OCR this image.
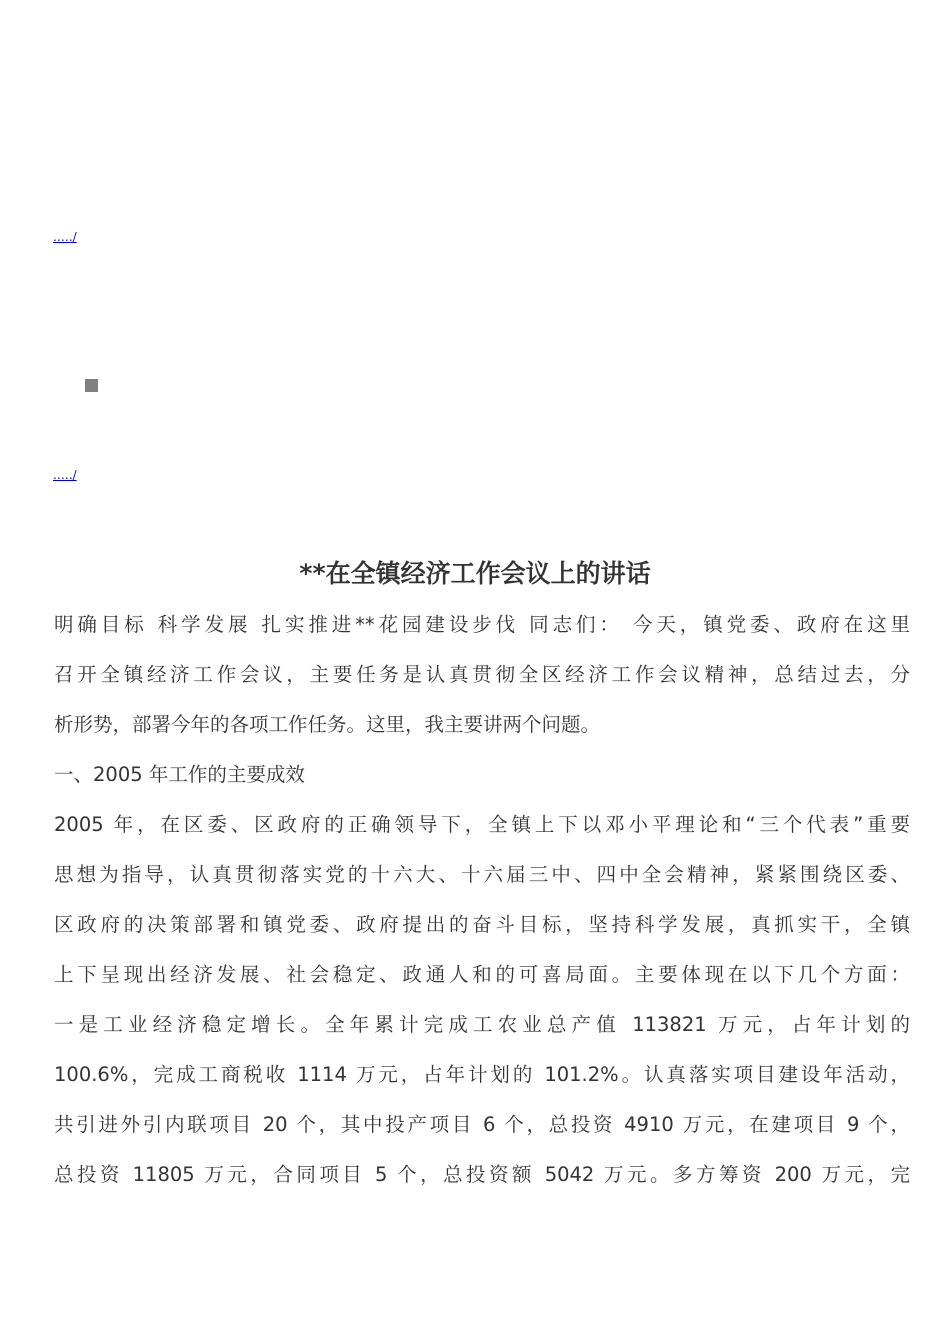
.…./
.…./
**在全镇经济工作会议上的讲话
明确目标 科学发展 扎实推进**花园建设步伐 同志们： 今天，镇党委、政府在这里
召开全镇经济工作会议，主要任务是认真贯彻全区经济工作会议精神，总结过去，分
析形势，部署今年的各项工作任务。这里，我主要讲两个问题。
一、2005 年工作的主要成效
2005 年，在区委、区政府的正确领导下，全镇上下以邓小平理论和“三个代表”重要
思想为指导，认真贯彻落实党的十六大、十六届三中、四中全会精神，紧紧围绕区委、
区政府的决策部署和镇党委、政府提出的奋斗目标，坚持科学发展，真抓实干，全镇
上下呈现出经济发展、社会稳定、政通人和的可喜局面。主要体现在以下几个方面：
一是工业经济稳定增长。全年累计完成工农业总产值 113821 万元，占年计划的
100.6%，完成工商税收 1114 万元，占年计划的 101.2%。认真落实项目建设年活动，
共引进外引内联项目 20 个，其中投产项目 6 个，总投资 4910 万元，在建项目 9 个，
总投资 11805 万元，合同项目 5 个，总投资额 5042 万元。多方筹资 200 万元，完
